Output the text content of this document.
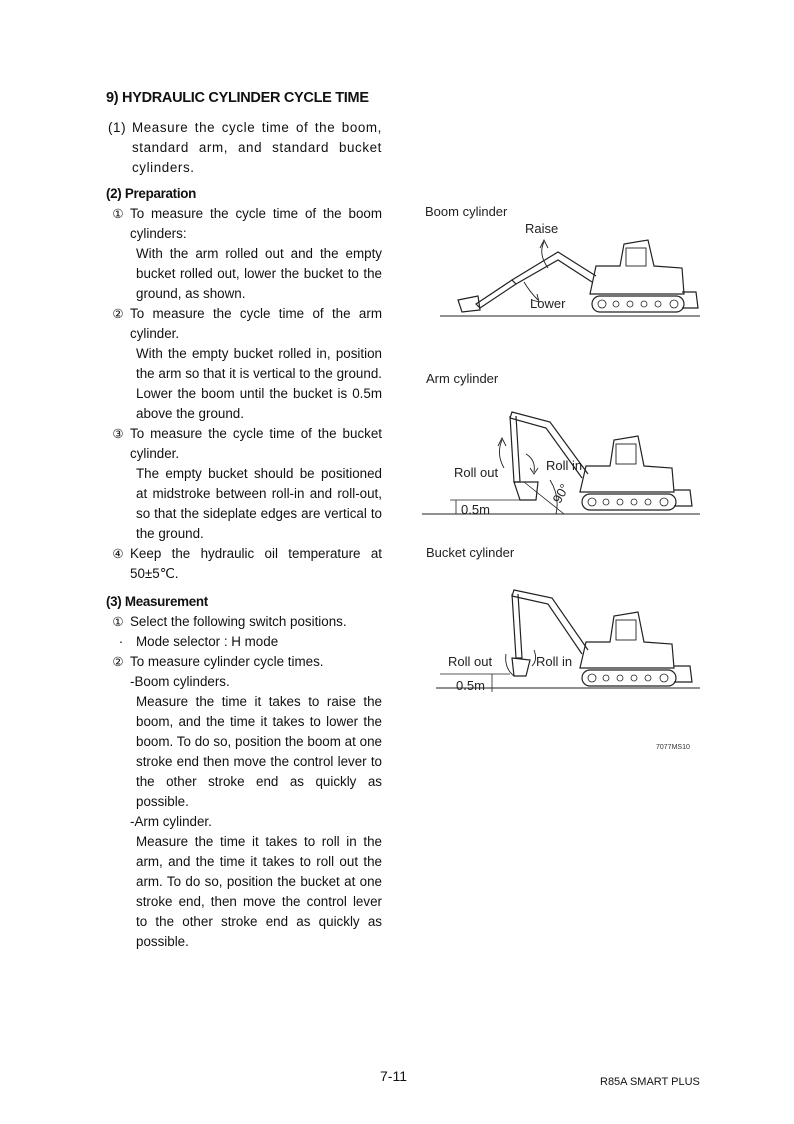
9) HYDRAULIC CYLINDER CYCLE TIME

(1) Measure the cycle time of the boom, standard arm, and standard bucket cylinders.

(2) Preparation

① To measure the cycle time of the boom cylinders:

With the arm rolled out and the empty bucket rolled out, lower the bucket to the ground, as shown.

② To measure the cycle time of the arm cylinder.

With the empty bucket rolled in, position the arm so that it is vertical to the ground. Lower the boom until the bucket is 0.5m above the ground.

③ To measure the cycle time of the bucket cylinder.

The empty bucket should be positioned at midstroke between roll-in and roll-out, so that the sideplate edges are vertical to the ground.

④ Keep the hydraulic oil temperature at 50±5℃.

(3) Measurement

① Select the following switch positions.
· Mode selector : H mode
② To measure cylinder cycle times.

-Boom cylinders.

Measure the time it takes to raise the boom, and the time it takes to lower the boom. To do so, position the boom at one stroke end then move the control lever to the other stroke end as quickly as possible.

-Arm cylinder.

Measure the time it takes to roll in the arm, and the time it takes to roll out the arm. To do so, position the bucket at one stroke end, then move the control lever to the other stroke end as quickly as possible.

Boom cylinder
Raise
Lower
Arm cylinder
Roll out	Roll in
0.5m
90°
Bucket cylinder
Roll out	Roll in
0.5m
7077MS10
7-11	R85A SMART PLUS
